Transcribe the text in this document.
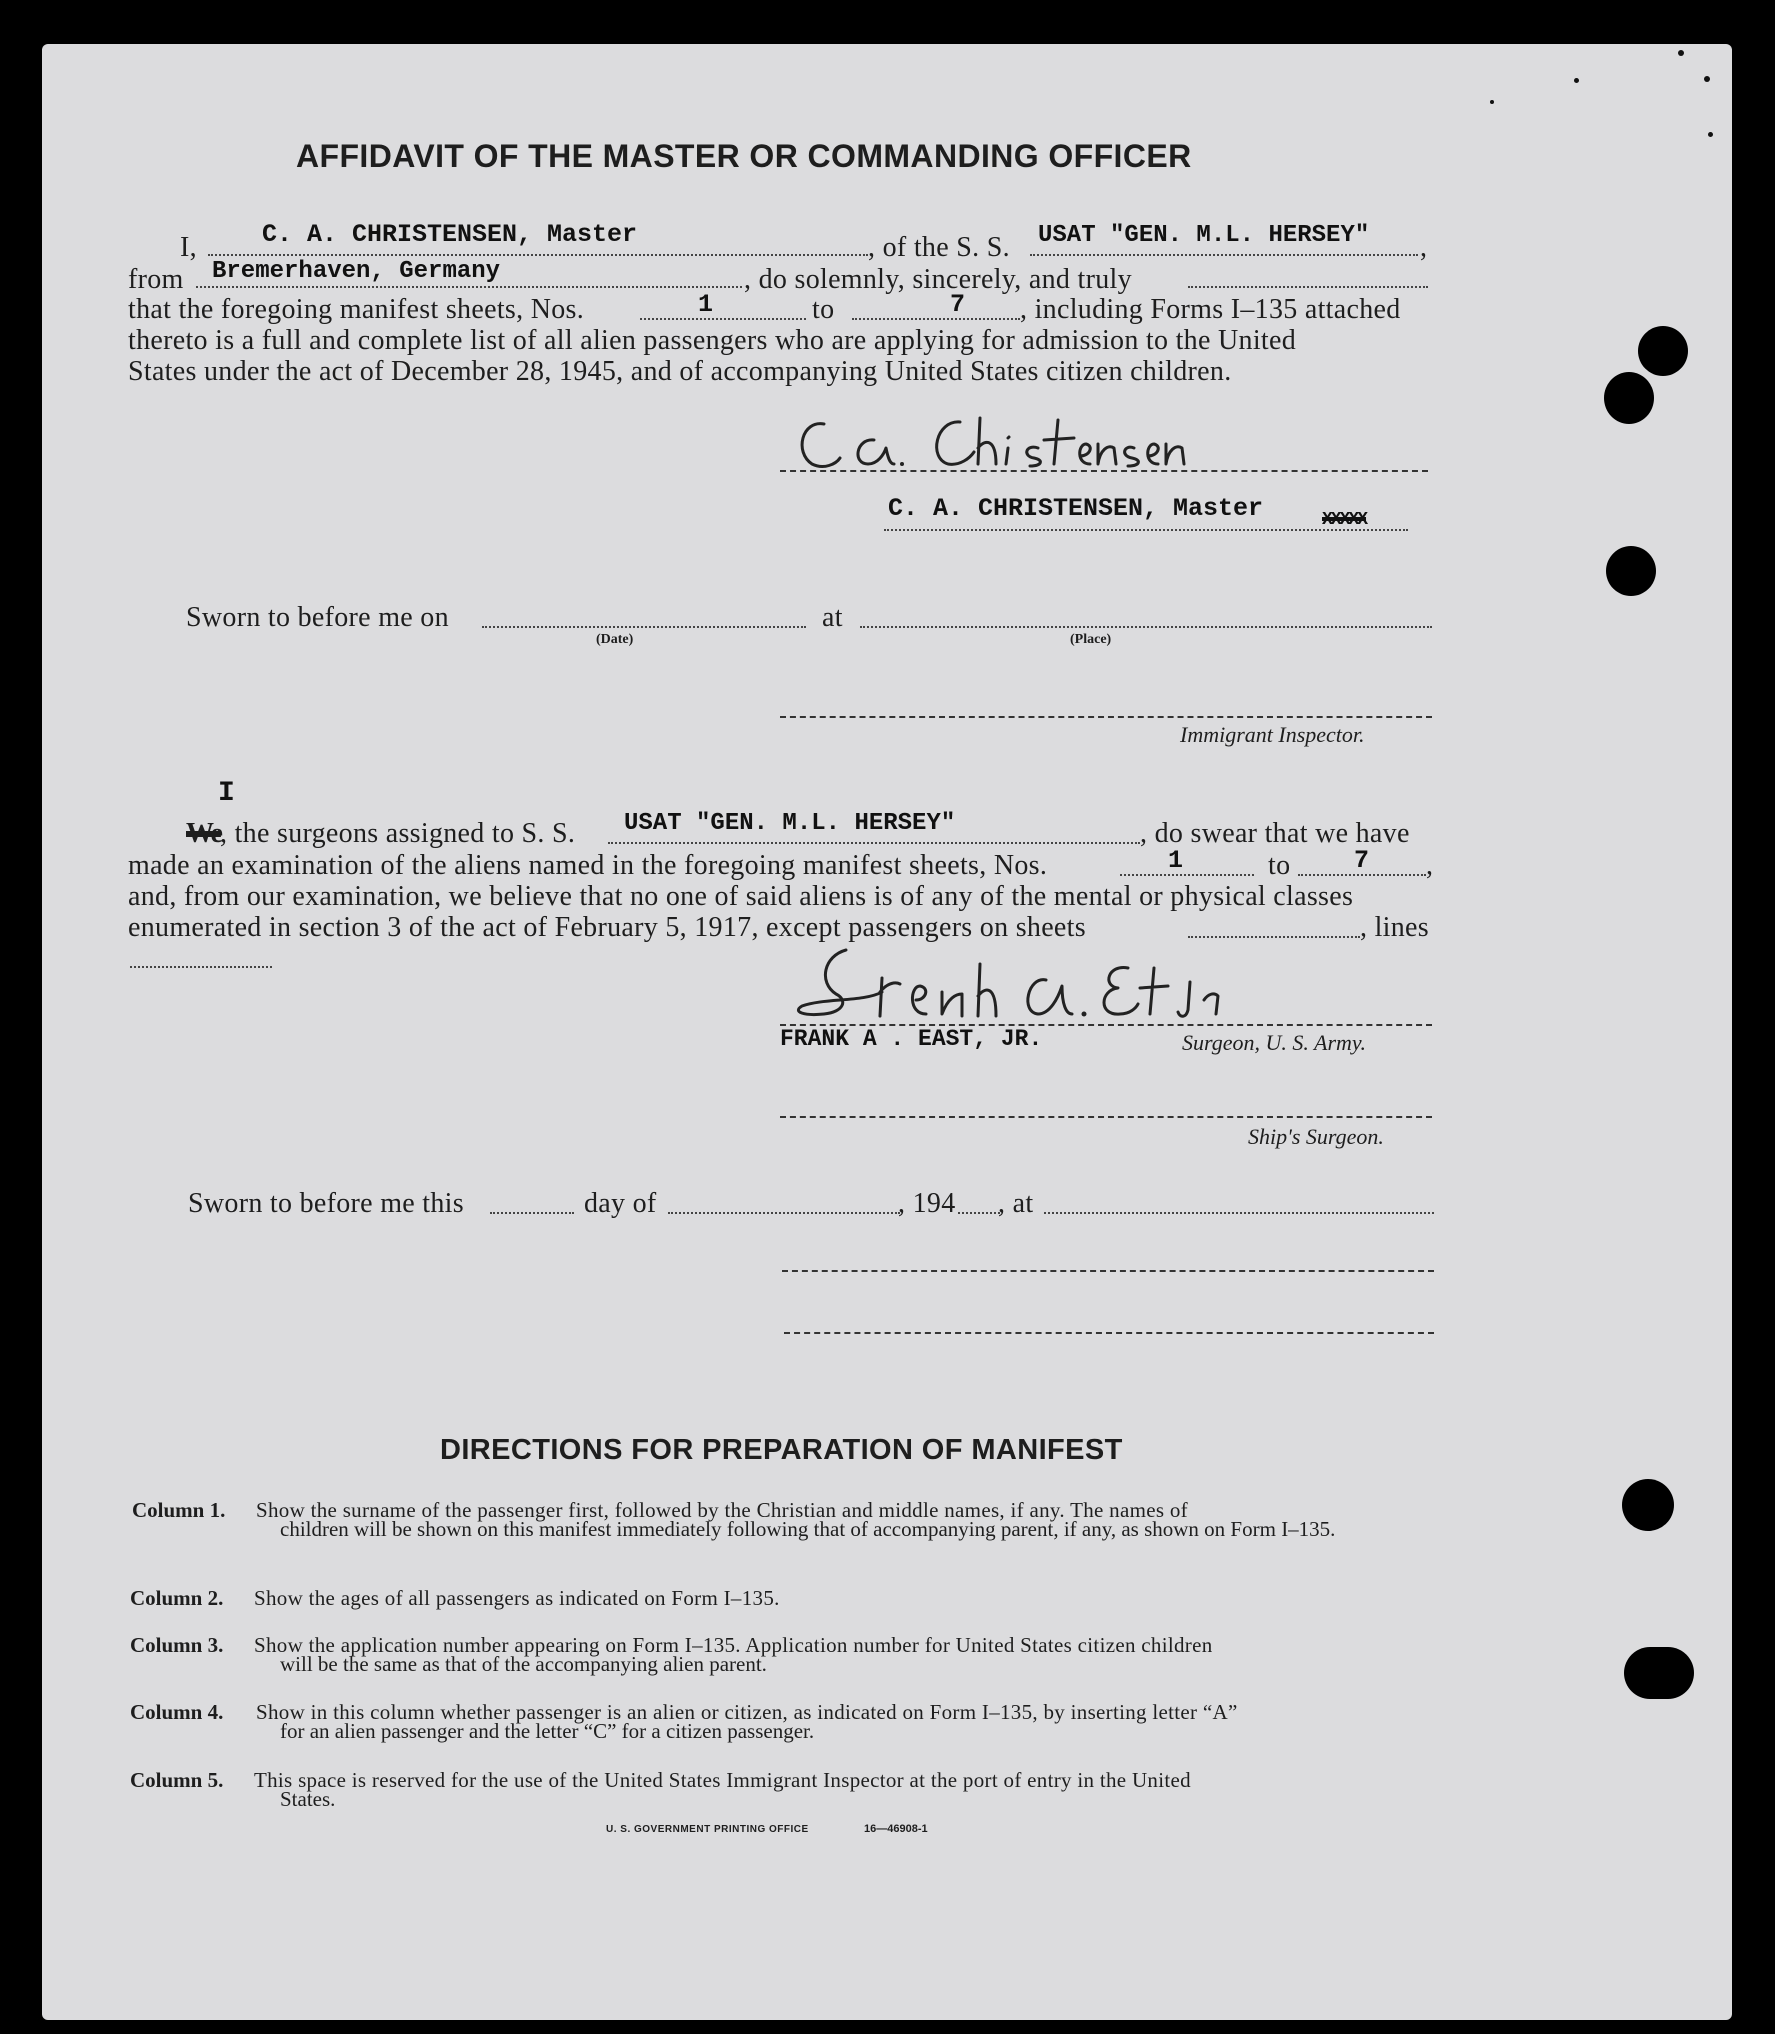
AFFIDAVIT OF THE MASTER OR COMMANDING OFFICER
I,	C. A. CHRISTENSEN, Master	, of the S. S. USAT "GEN. M.L. HERSEY" ,
from Bremerhaven, Germany	, do solemnly, sincerely, and truly
that the foregoing manifest sheets, Nos.	1	to	7 , including Forms I–135 attached
thereto is a full and complete list of all alien passengers who are applying for admission to the United
States under the act of December 28, 1945, and of accompanying United States citizen children.
C. A. CHRISTENSEN, Master	XXXXX
Sworn to before me on
(Date)
at
(Place)
Immigrant Inspector.
I
We , the surgeons assigned to S. S. USAT "GEN. M.L. HERSEY"	, do swear that we have
made an examination of the aliens named in the foregoing manifest sheets, Nos.	1	to	7 ,
and, from our examination, we believe that no one of said aliens is of any of the mental or physical classes
enumerated in section 3 of the act of February 5, 1917, except passengers on sheets	, lines
FRANK A . EAST, JR.	Surgeon, U. S. Army.
Ship's Surgeon.
Sworn to before me this	day of	, 194 , at
DIRECTIONS FOR PREPARATION OF MANIFEST
Column 1. Show the surname of the passenger first, followed by the Christian and middle names, if any. The names of
children will be shown on this manifest immediately following that of accompanying parent, if any, as shown on Form I–135.
Column 2. Show the ages of all passengers as indicated on Form I–135.
Column 3. Show the application number appearing on Form I–135. Application number for United States citizen children
will be the same as that of the accompanying alien parent.
Column 4. Show in this column whether passenger is an alien or citizen, as indicated on Form I–135, by inserting letter “A”
for an alien passenger and the letter “C” for a citizen passenger.
Column 5. This space is reserved for the use of the United States Immigrant Inspector at the port of entry in the United
States.
U. S. GOVERNMENT PRINTING OFFICE	16—46908-1
